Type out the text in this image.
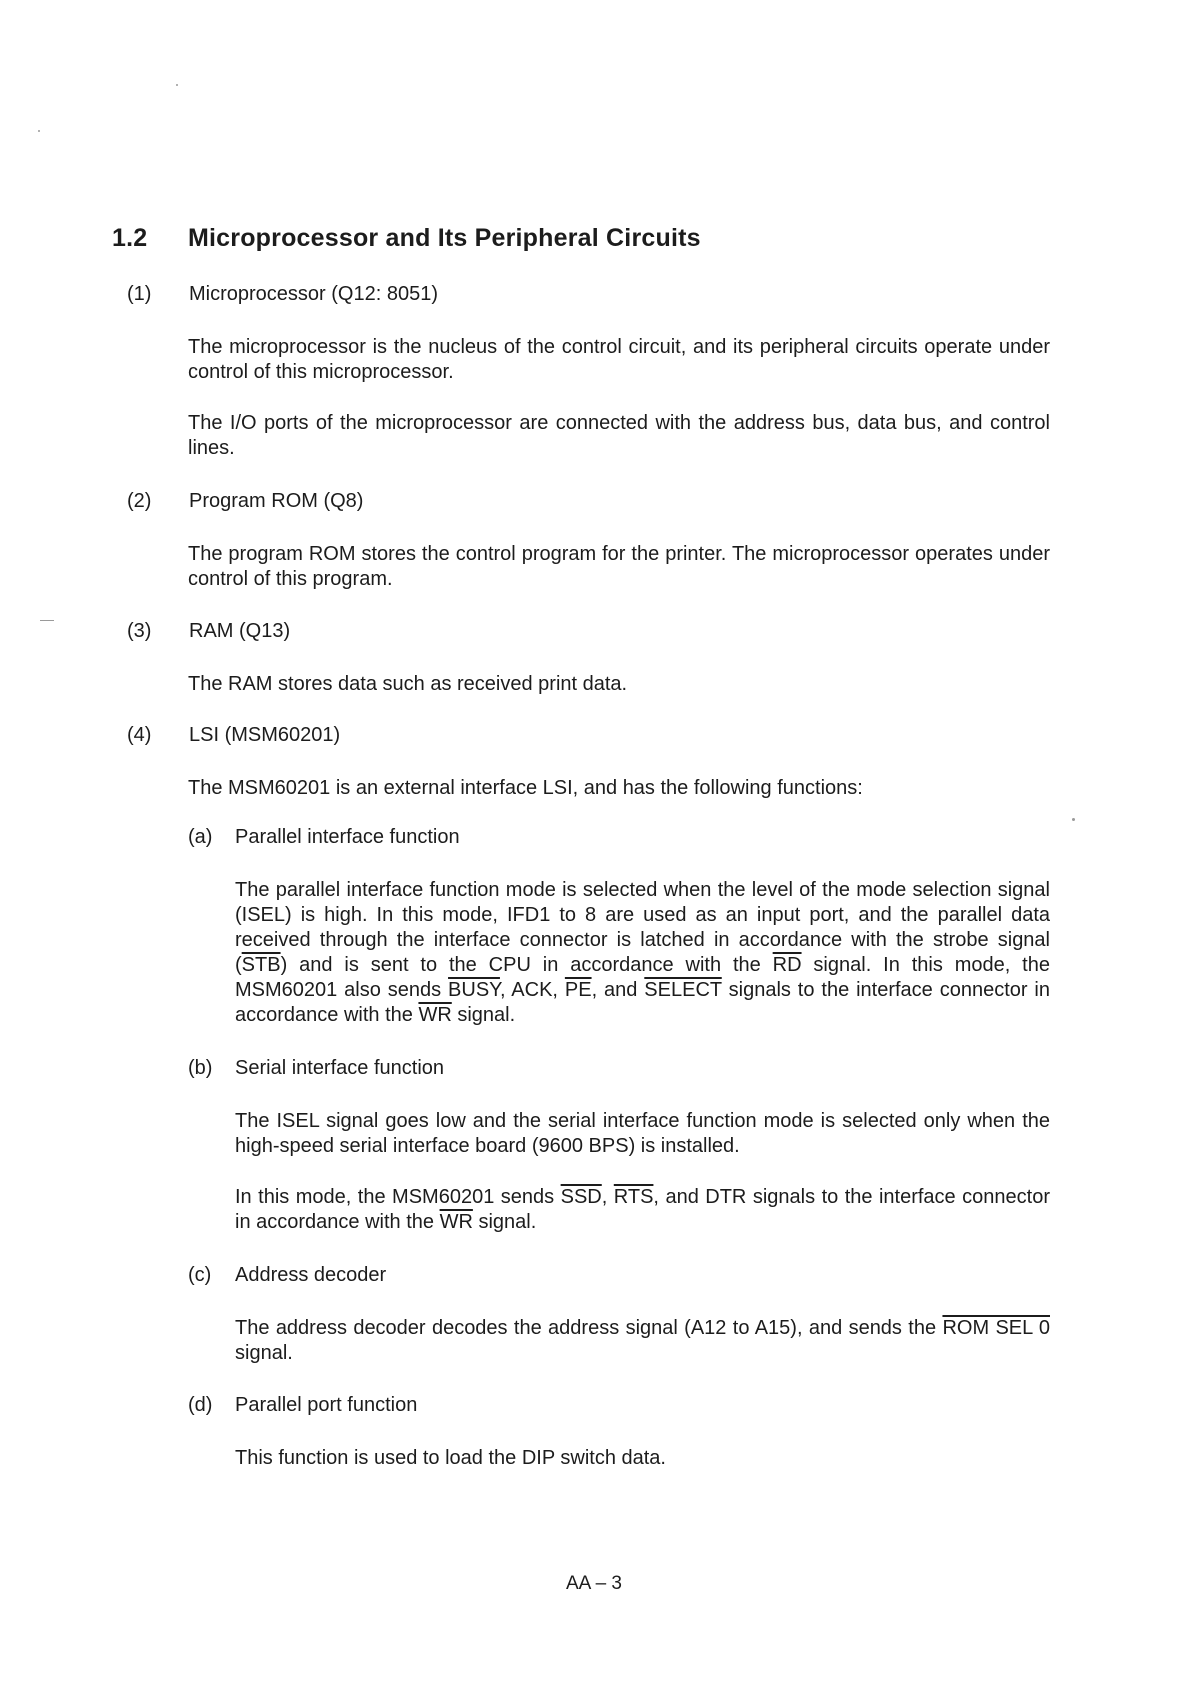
1.2 Microprocessor and Its Peripheral Circuits
(1) Microprocessor (Q12: 8051)
The microprocessor is the nucleus of the control circuit, and its peripheral circuits operate under control of this microprocessor.
The I/O ports of the microprocessor are connected with the address bus, data bus, and control lines.
(2) Program ROM (Q8)
The program ROM stores the control program for the printer. The microprocessor operates under control of this program.
(3) RAM (Q13)
The RAM stores data such as received print data.
(4) LSI (MSM60201)
The MSM60201 is an external interface LSI, and has the following functions:
(a) Parallel interface function
The parallel interface function mode is selected when the level of the mode selection signal (ISEL) is high. In this mode, IFD1 to 8 are used as an input port, and the parallel data received through the interface connector is latched in accordance with the strobe signal $(\overline{STB})$ and is sent to the CPU in accordance with the $\overline{RD}$ signal. In this mode, the MSM60201 also sends BUSY, ACK, $\overline{PE}$, and SELECT signals to the interface connector in accordance with the $\overline{WR}$ signal.
(b) Serial interface function
The ISEL signal goes low and the serial interface function mode is selected only when the high-speed serial interface board (9600 BPS) is installed.
In this mode, the MSM60201 sends $\overline{SSD}$, $\overline{RTS}$, and DTR signals to the interface connector in accordance with the $\overline{WR}$ signal.
(c) Address decoder
The address decoder decodes the address signal (A12 to A15), and sends the ROM SEL 0 signal.
(d) Parallel port function
This function is used to load the DIP switch data.
AA – 3
